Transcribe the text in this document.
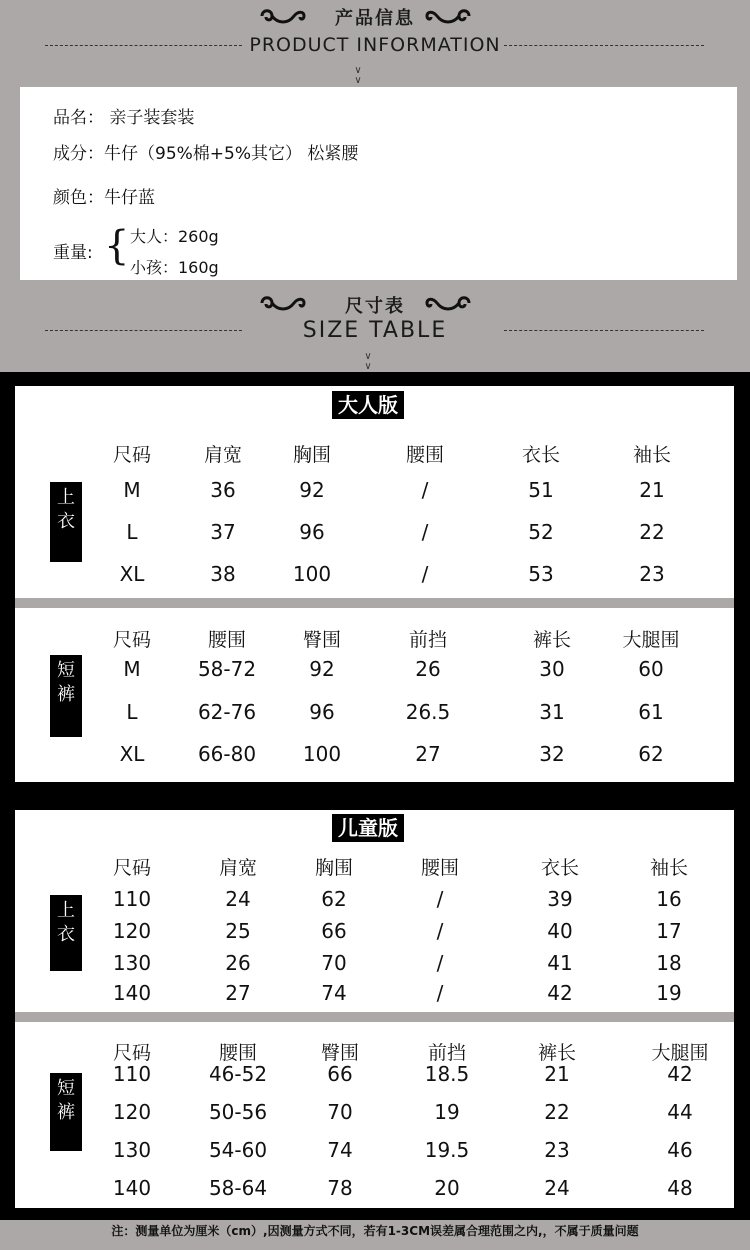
产品信息
PRODUCT INFORMATION
∨
∨
品名： 亲子装套装
成分：牛仔（95%棉+5%其它） 松紧腰
颜色：牛仔蓝
重量: { 大人：260g
小孩：160g
尺寸表
SIZE TABLE
∨
∨
大人版
上
衣
短
裤
尺码	肩宽	胸围	腰围	衣长	袖长
M	36	92	/	51	21
L	37	96	/	52	22
XL	38	100	/	53	23
尺码	腰围	臀围	前挡	裤长	大腿围
M	58-72	92	26	30	60
L	62-76	96	26.5	31	61
XL	66-80 100	27	32	62
儿童版
上
衣
短
裤
尺码	肩宽	胸围	腰围	衣长	袖长
110	24	62	/	39	16
120	25	66	/	40	17
130	26	70	/	41	18
140	27	74	/	42	19
尺码	腰围	臀围	前挡	裤长	大腿围
110	46-52	66	18.5	21	42
120	50-56	70	19	22	44
130	54-60	74	19.5	23	46
140	58-64	78	20	24	48
注：测量单位为厘米（cm）,因测量方式不同，若有1-3CM误差属合理范围之内,，不属于质量问题
